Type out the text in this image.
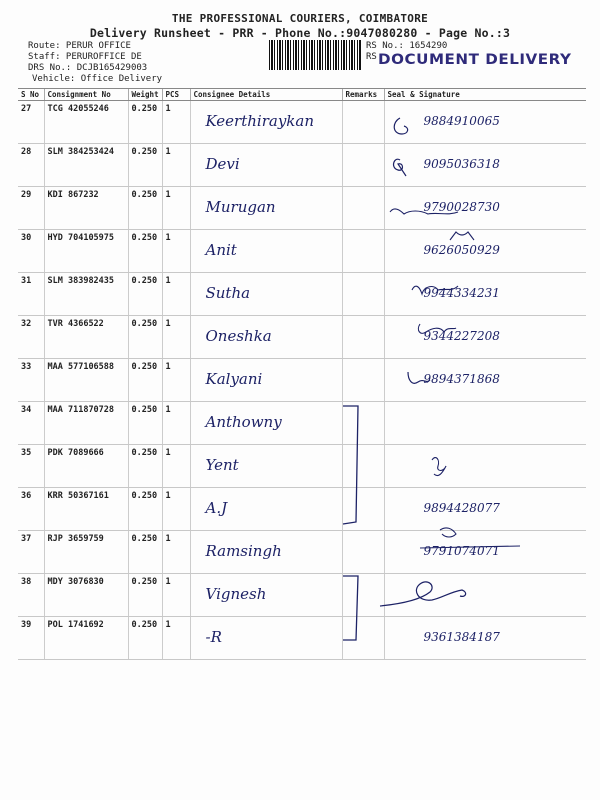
THE PROFESSIONAL COURIERS, COIMBATORE
Delivery Runsheet - PRR - Phone No.:9047080280 - Page No.:3
Route: PERUR OFFICE
Staff: PERUROFFICE DE
DRS No.: DCJB165429003
Vehicle: Office Delivery
RS No.: 1654290
RS DOCUMENT DELIVERY
S No	Consignment No	Weight	PCS	Consignee Details	Remarks	Seal & Signature
27	TCG 42055246	0.250	1	Keerthiraykan		9884910065
28	SLM 384253424	0.250	1	Devi		9095036318
29	KDI 867232	0.250	1	Murugan		9790028730
30	HYD 704105975	0.250	1	Anit		9626050929
31	SLM 383982435	0.250	1	Sutha		9944334231
32	TVR 4366522	0.250	1	Oneshka		9344227208
33	MAA 577106588	0.250	1	Kalyani		9894371868
34	MAA 711870728	0.250	1	Anthowny		
35	PDK 7089666	0.250	1	Yent		
36	KRR 50367161	0.250	1	A.J		9894428077
37	RJP 3659759	0.250	1	Ramsingh		9791074071
38	MDY 3076830	0.250	1	Vignesh		
39	POL 1741692	0.250	1	-R		9361384187
